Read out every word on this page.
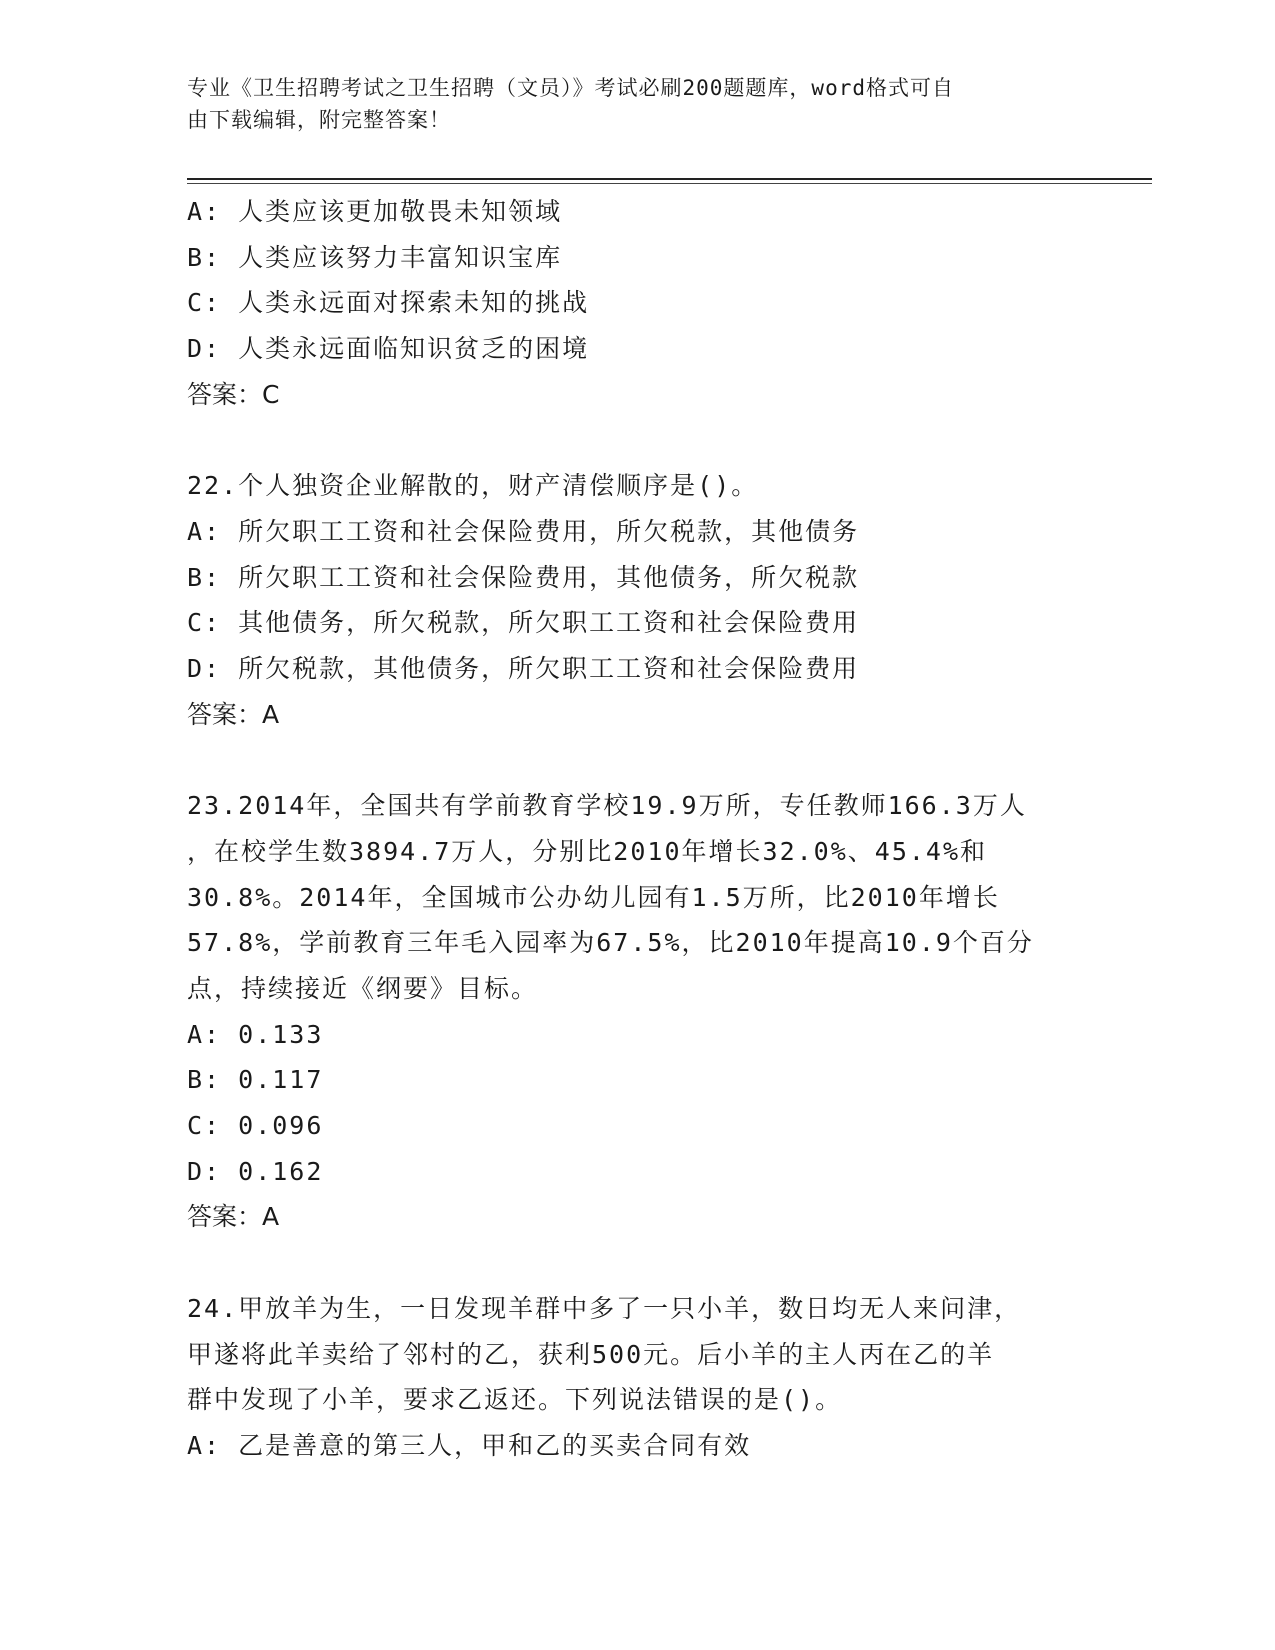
专业《卫生招聘考试之卫生招聘（文员）》考试必刷200题题库，word格式可自
由下载编辑，附完整答案！
A: 人类应该更加敬畏未知领域
B: 人类应该努力丰富知识宝库
C: 人类永远面对探索未知的挑战
D: 人类永远面临知识贫乏的困境
答案：C
22.个人独资企业解散的，财产清偿顺序是()。
A: 所欠职工工资和社会保险费用，所欠税款，其他债务
B: 所欠职工工资和社会保险费用，其他债务，所欠税款
C: 其他债务，所欠税款，所欠职工工资和社会保险费用
D: 所欠税款，其他债务，所欠职工工资和社会保险费用
答案：A
23.2014年，全国共有学前教育学校19.9万所，专任教师166.3万人
，在校学生数3894.7万人，分别比2010年增长32.0%、45.4%和
30.8%。2014年，全国城市公办幼儿园有1.5万所，比2010年增长
57.8%，学前教育三年毛入园率为67.5%，比2010年提高10.9个百分
点，持续接近《纲要》目标。
A: 0.133
B: 0.117
C: 0.096
D: 0.162
答案：A
24.甲放羊为生，一日发现羊群中多了一只小羊，数日均无人来问津，
甲遂将此羊卖给了邻村的乙，获利500元。后小羊的主人丙在乙的羊
群中发现了小羊，要求乙返还。下列说法错误的是()。
A: 乙是善意的第三人，甲和乙的买卖合同有效
